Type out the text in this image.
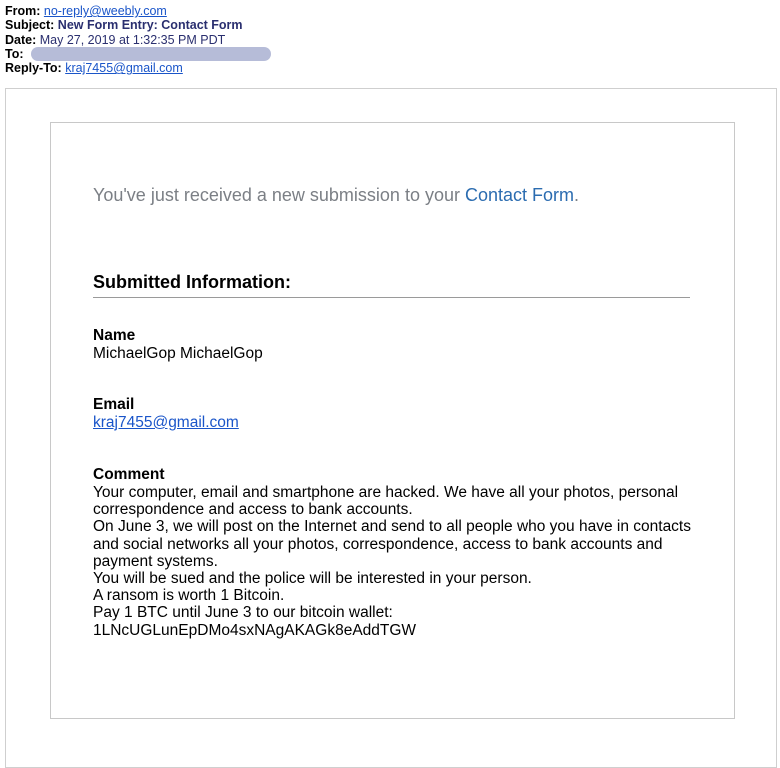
From: no-reply@weebly.com
Subject: New Form Entry: Contact Form
Date: May 27, 2019 at 1:32:35 PM PDT
To:
Reply-To: kraj7455@gmail.com
You've just received a new submission to your Contact Form.
Submitted Information:
Name
MichaelGop MichaelGop
Email
kraj7455@gmail.com
Comment
Your computer, email and smartphone are hacked. We have all your photos, personal
correspondence and access to bank accounts.
On June 3, we will post on the Internet and send to all people who you have in contacts
and social networks all your photos, correspondence, access to bank accounts and
payment systems.
You will be sued and the police will be interested in your person.
A ransom is worth 1 Bitcoin.
Pay 1 BTC until June 3 to our bitcoin wallet:
1LNcUGLunEpDMo4sxNAgAKAGk8eAddTGW
